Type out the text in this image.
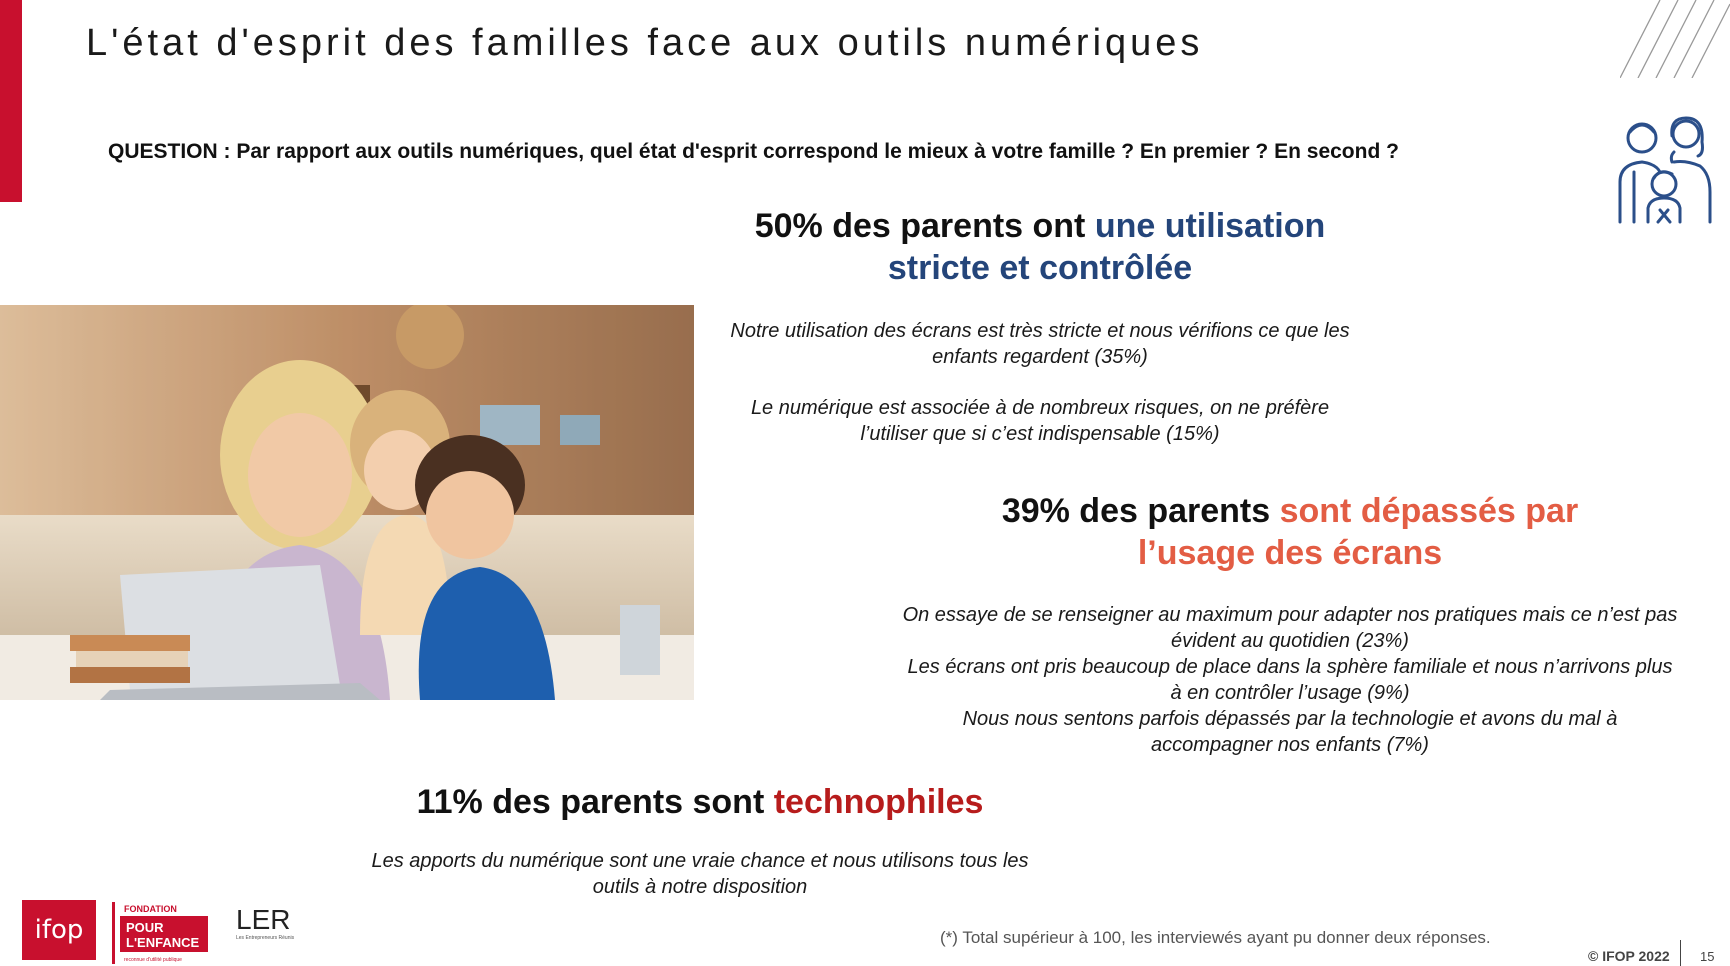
L'état d'esprit des familles face aux outils numériques
QUESTION : Par rapport aux outils numériques, quel état d'esprit correspond le mieux à votre famille ? En premier ? En second ?
50% des parents ont une utilisation stricte et contrôlée
Notre utilisation des écrans est très stricte et nous vérifions ce que les enfants regardent (35%)
Le numérique est associée à de nombreux risques, on ne préfère l’utiliser que si c’est indispensable (15%)
39% des parents sont dépassés par l’usage des écrans
On essaye de se renseigner au maximum pour adapter nos pratiques mais ce n’est pas évident au quotidien (23%)
Les écrans ont pris beaucoup de place dans la sphère familiale et nous n’arrivons plus à en contrôler l’usage (9%)
Nous nous sentons parfois dépassés par la technologie et avons du mal à accompagner nos enfants (7%)
11% des parents sont technophiles
Les apports du numérique sont une vraie chance et nous utilisons tous les outils à notre disposition
ifop
FONDATION
POUR
L'ENFANCE
reconnue d'utilité publique
LER
Les Entrepreneurs Réunis	(*) Total supérieur à 100, les interviewés ayant pu donner deux réponses.
© IFOP 2022 15
